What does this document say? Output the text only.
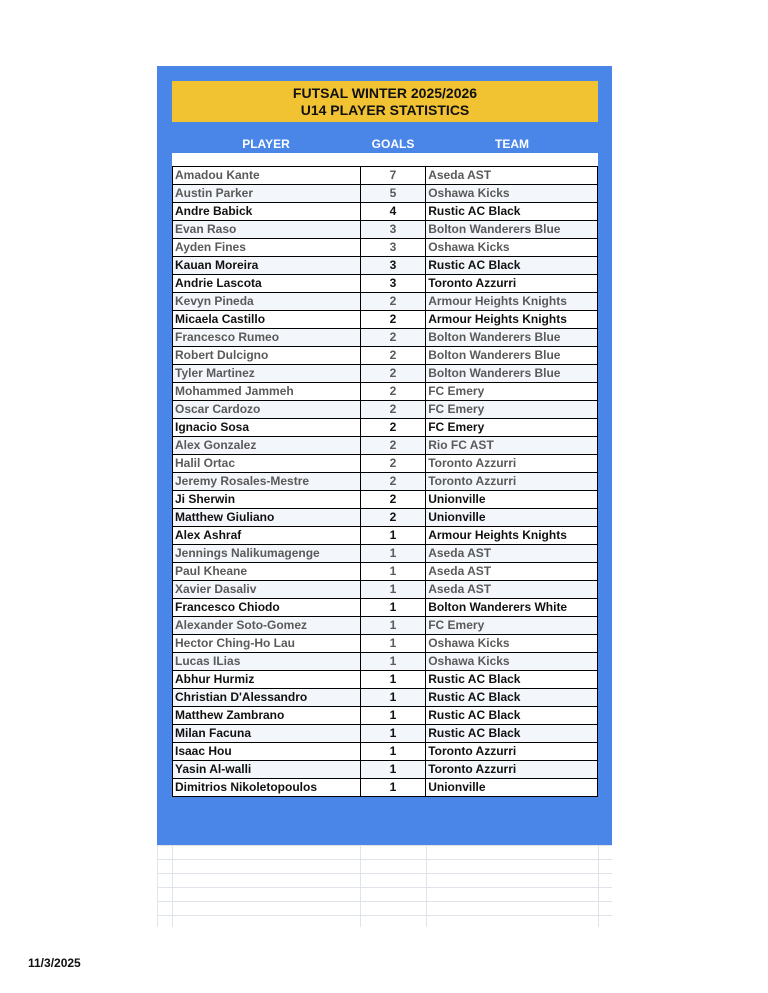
FUTSAL WINTER 2025/2026
U14 PLAYER STATISTICS
PLAYER	GOALS	TEAM
Amadou Kante	7	Aseda AST
Austin Parker	5	Oshawa Kicks
Andre Babick	4	Rustic AC Black
Evan Raso	3	Bolton Wanderers Blue
Ayden Fines	3	Oshawa Kicks
Kauan Moreira	3	Rustic AC Black
Andrie Lascota	3	Toronto Azzurri
Kevyn Pineda	2	Armour Heights Knights
Micaela Castillo	2	Armour Heights Knights
Francesco Rumeo	2	Bolton Wanderers Blue
Robert Dulcigno	2	Bolton Wanderers Blue
Tyler Martinez	2	Bolton Wanderers Blue
Mohammed Jammeh	2	FC Emery
Oscar Cardozo	2	FC Emery
Ignacio Sosa	2	FC Emery
Alex Gonzalez	2	Rio FC AST
Halil Ortac	2	Toronto Azzurri
Jeremy Rosales-Mestre	2	Toronto Azzurri
Ji Sherwin	2	Unionville
Matthew Giuliano	2	Unionville
Alex Ashraf	1	Armour Heights Knights
Jennings Nalikumagenge	1	Aseda AST
Paul Kheane	1	Aseda AST
Xavier Dasaliv	1	Aseda AST
Francesco Chiodo	1	Bolton Wanderers White
Alexander Soto-Gomez	1	FC Emery
Hector Ching-Ho Lau	1	Oshawa Kicks
Lucas ILias	1	Oshawa Kicks
Abhur Hurmiz	1	Rustic AC Black
Christian D'Alessandro	1	Rustic AC Black
Matthew Zambrano	1	Rustic AC Black
Milan Facuna	1	Rustic AC Black
Isaac Hou	1	Toronto Azzurri
Yasin Al-walli	1	Toronto Azzurri
Dimitrios Nikoletopoulos	1	Unionville
11/3/2025
